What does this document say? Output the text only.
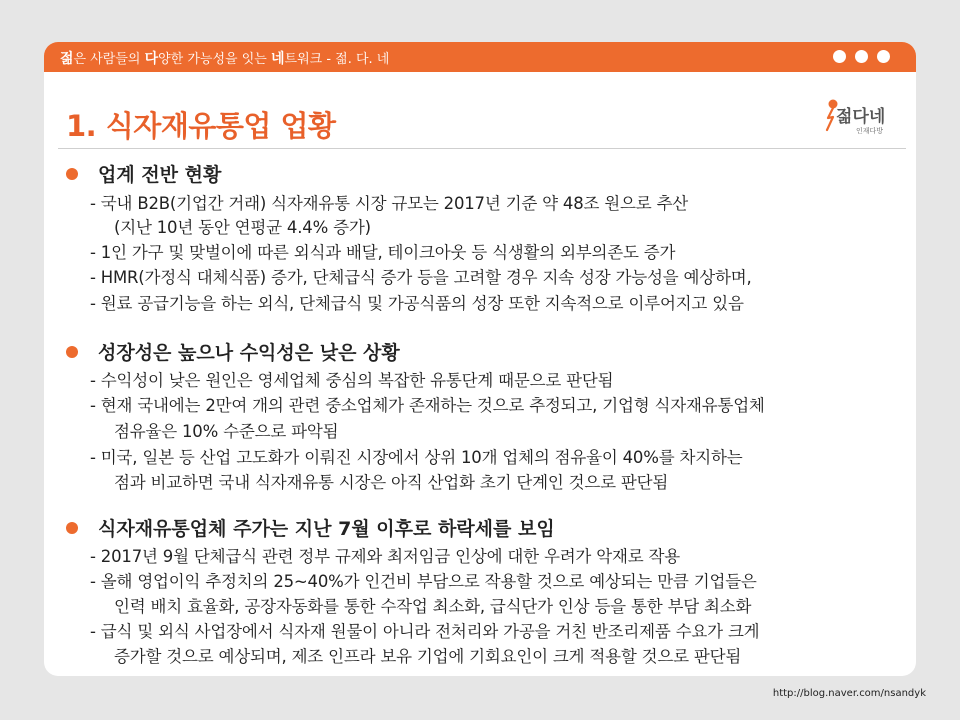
젊은 사람들의 다양한 가능성을 잇는 네트워크 - 젊. 다. 네
1. 식자재유통업 업황	젊다네
인재다방
업계 전반 현황
- 국내 B2B(기업간 거래) 식자재유통 시장 규모는 2017년 기준 약 48조 원으로 추산
(지난 10년 동안 연평균 4.4% 증가)
- 1인 가구 및 맞벌이에 따른 외식과 배달, 테이크아웃 등 식생활의 외부의존도 증가
- HMR(가정식 대체식품) 증가, 단체급식 증가 등을 고려할 경우 지속 성장 가능성을 예상하며,
- 원료 공급기능을 하는 외식, 단체급식 및 가공식품의 성장 또한 지속적으로 이루어지고 있음
성장성은 높으나 수익성은 낮은 상황
- 수익성이 낮은 원인은 영세업체 중심의 복잡한 유통단계 때문으로 판단됨
- 현재 국내에는 2만여 개의 관련 중소업체가 존재하는 것으로 추정되고, 기업형 식자재유통업체
점유율은 10% 수준으로 파악됨
- 미국, 일본 등 산업 고도화가 이뤄진 시장에서 상위 10개 업체의 점유율이 40%를 차지하는
점과 비교하면 국내 식자재유통 시장은 아직 산업화 초기 단계인 것으로 판단됨
식자재유통업체 주가는 지난 7월 이후로 하락세를 보임
- 2017년 9월 단체급식 관련 정부 규제와 최저임금 인상에 대한 우려가 악재로 작용
- 올해 영업이익 추정치의 25~40%가 인건비 부담으로 작용할 것으로 예상되는 만큼 기업들은
인력 배치 효율화, 공장자동화를 통한 수작업 최소화, 급식단가 인상 등을 통한 부담 최소화
- 급식 및 외식 사업장에서 식자재 원물이 아니라 전처리와 가공을 거친 반조리제품 수요가 크게
증가할 것으로 예상되며, 제조 인프라 보유 기업에 기회요인이 크게 적용할 것으로 판단됨
http://blog.naver.com/nsandyk
